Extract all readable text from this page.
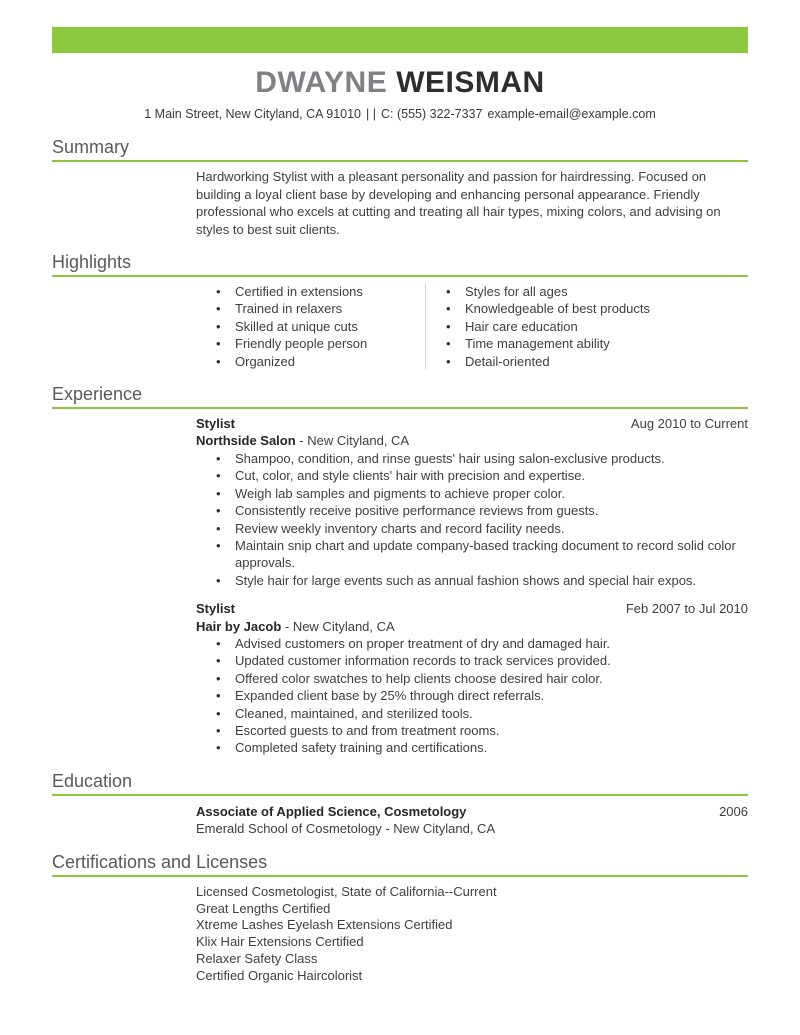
DWAYNE WEISMAN
1 Main Street, New Cityland, CA 91010 | | C: (555) 322-7337 example-email@example.com
Summary
Hardworking Stylist with a pleasant personality and passion for hairdressing. Focused on building a loyal client base by developing and enhancing personal appearance. Friendly professional who excels at cutting and treating all hair types, mixing colors, and advising on styles to best suit clients.
Highlights
• Certified in extensions
• Trained in relaxers
• Skilled at unique cuts
• Friendly people person
• Organized
• Styles for all ages
• Knowledgeable of best products
• Hair care education
• Time management ability
• Detail-oriented
Experience
Stylist	Aug 2010 to Current
Northside Salon - New Cityland, CA
• Shampoo, condition, and rinse guests' hair using salon-exclusive products.
• Cut, color, and style clients' hair with precision and expertise.
• Weigh lab samples and pigments to achieve proper color.
• Consistently receive positive performance reviews from guests.
• Review weekly inventory charts and record facility needs.
• Maintain snip chart and update company-based tracking document to record solid color approvals.
• Style hair for large events such as annual fashion shows and special hair expos.
Stylist	Feb 2007 to Jul 2010
Hair by Jacob - New Cityland, CA
• Advised customers on proper treatment of dry and damaged hair.
• Updated customer information records to track services provided.
• Offered color swatches to help clients choose desired hair color.
• Expanded client base by 25% through direct referrals.
• Cleaned, maintained, and sterilized tools.
• Escorted guests to and from treatment rooms.
• Completed safety training and certifications.
Education
Associate of Applied Science, Cosmetology	2006
Emerald School of Cosmetology - New Cityland, CA
Certifications and Licenses
Licensed Cosmetologist, State of California--Current
Great Lengths Certified
Xtreme Lashes Eyelash Extensions Certified
Klix Hair Extensions Certified
Relaxer Safety Class
Certified Organic Haircolorist
